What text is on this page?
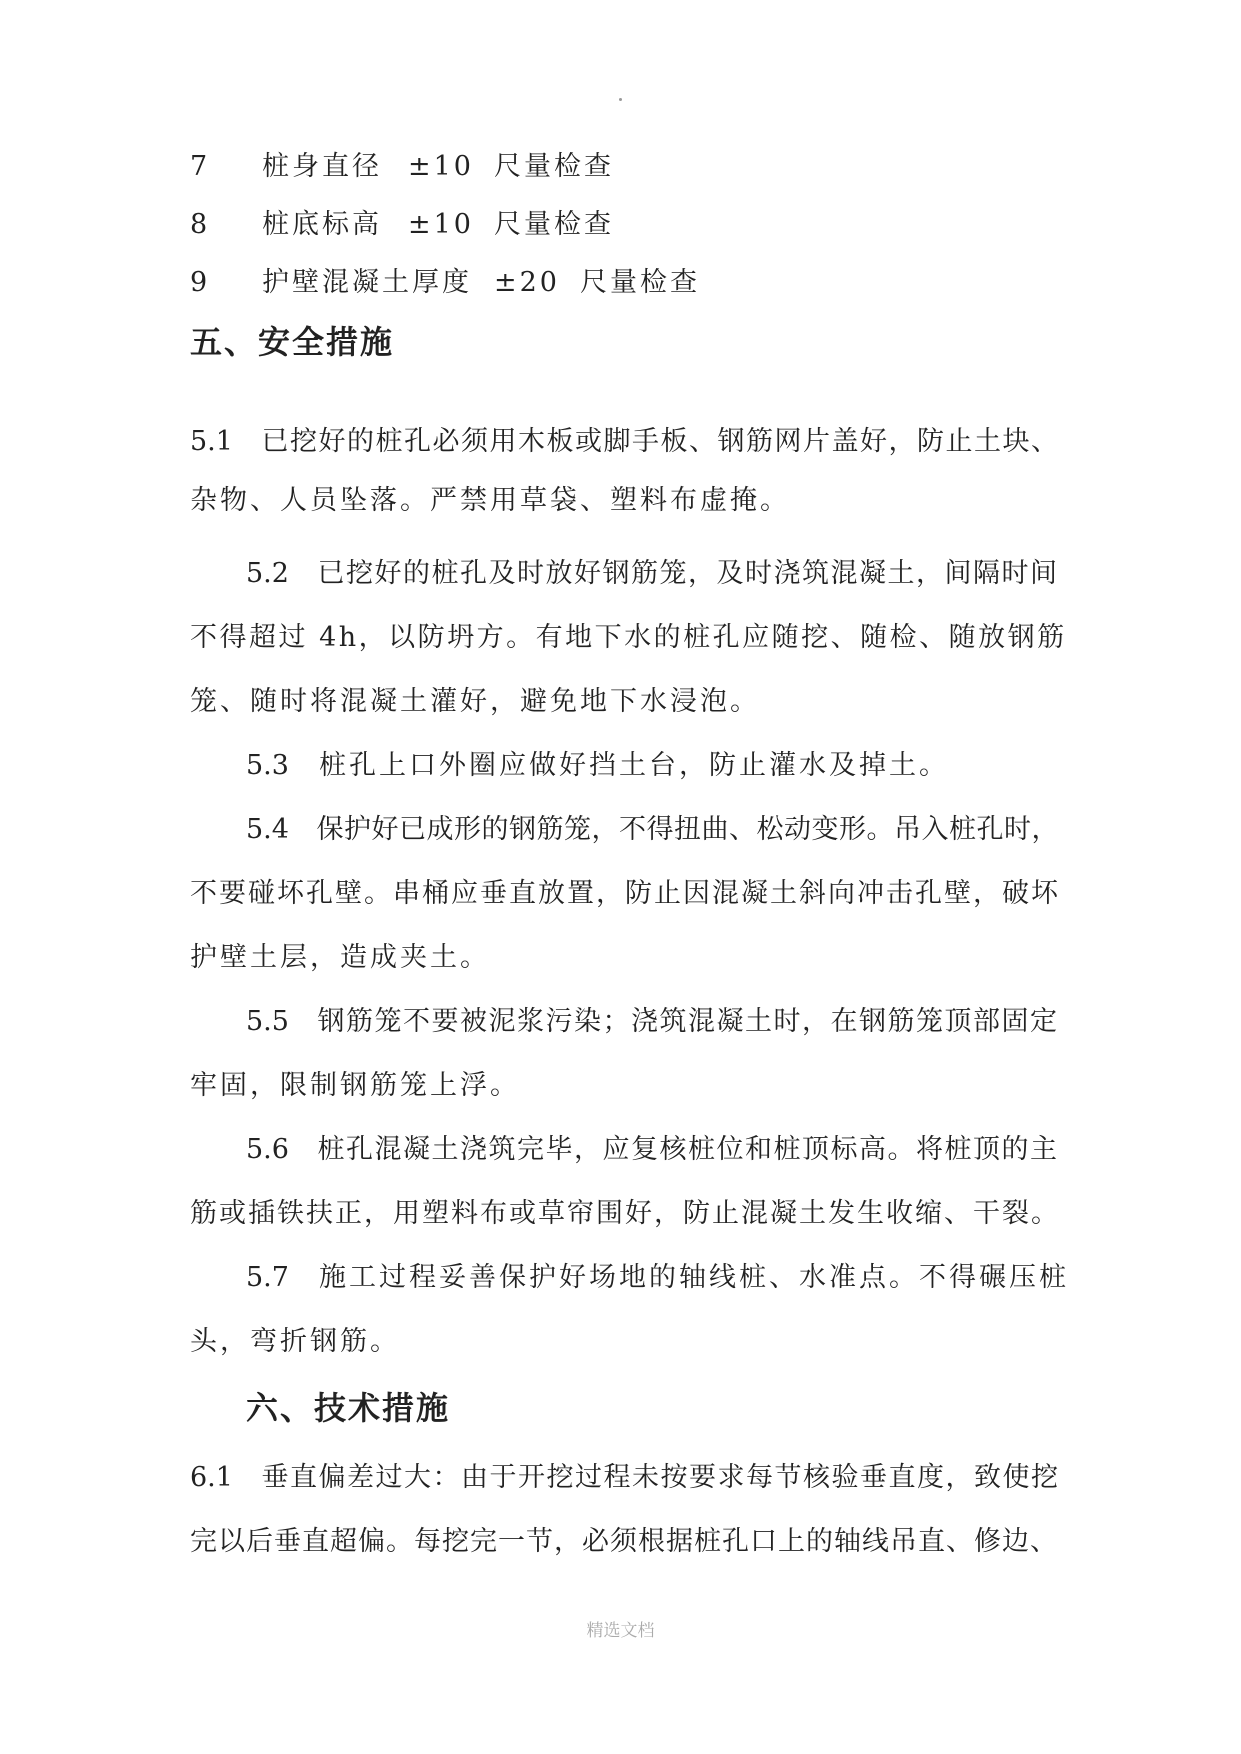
7 桩身直径 ±10 尺量检查
8 桩底标高 ±10 尺量检查
9 护壁混凝土厚度 ±20 尺量检查
五、安全措施
5.1　 已挖好的桩孔必须用木板或脚手板、钢筋网片盖好，防止土块、
杂物、人员坠落。严禁用草袋、塑料布虚掩。
5.2　 已挖好的桩孔及时放好钢筋笼，及时浇筑混凝土，间隔时间
不得超过 4h，以防坍方。有地下水的桩孔应随挖、随检、随放钢筋
笼、随时将混凝土灌好，避免地下水浸泡。
5.3　 桩孔上口外圈应做好挡土台，防止灌水及掉土。
5.4　 保护好已成形的钢筋笼，不得扭曲、松动变形。吊入桩孔时，
不要碰坏孔壁。串桶应垂直放置，防止因混凝土斜向冲击孔壁，破坏
护壁土层，造成夹土。
5.5　 钢筋笼不要被泥浆污染；浇筑混凝土时，在钢筋笼顶部固定
牢固，限制钢筋笼上浮。
5.6　 桩孔混凝土浇筑完毕，应复核桩位和桩顶标高。将桩顶的主
筋或插铁扶正，用塑料布或草帘围好，防止混凝土发生收缩、干裂。
5.7　 施工过程妥善保护好场地的轴线桩、水准点。不得碾压桩
头，弯折钢筋。
六、技术措施
6.1　 垂直偏差过大：由于开挖过程未按要求每节核验垂直度，致使挖
完以后垂直超偏。每挖完一节，必须根据桩孔口上的轴线吊直、修边、
精选文档
